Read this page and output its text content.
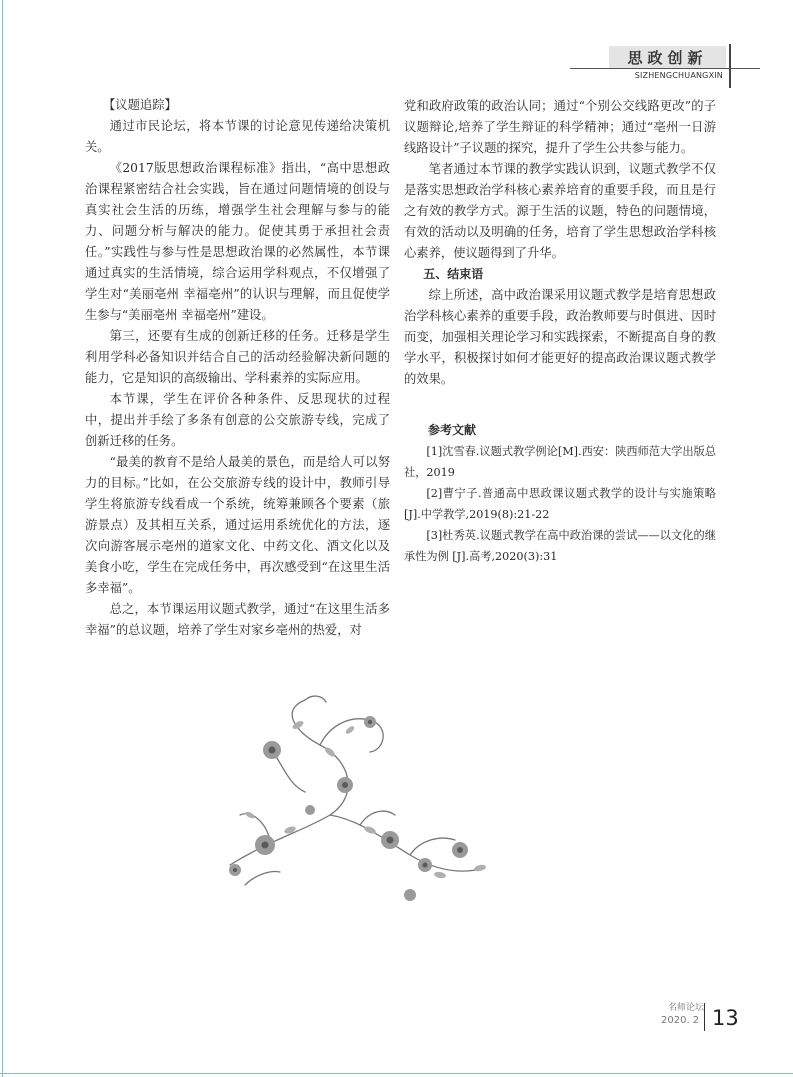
思政创新
SIZHENGCHUANGXIN

【议题追踪】

通过市民论坛，将本节课的讨论意见传递给决策机关。

《2017版思想政治课程标准》指出，“高中思想政治课程紧密结合社会实践，旨在通过问题情境的创设与真实社会生活的历练，增强学生社会理解与参与的能力、问题分析与解决的能力。促使其勇于承担社会责任。”实践性与参与性是思想政治课的必然属性，本节课通过真实的生活情境，综合运用学科观点，不仅增强了学生对“美丽亳州 幸福亳州”的认识与理解，而且促使学生参与“美丽亳州 幸福亳州”建设。

第三，还要有生成的创新迁移的任务。迁移是学生利用学科必备知识并结合自己的活动经验解决新问题的能力，它是知识的高级输出、学科素养的实际应用。

本节课，学生在评价各种条件、反思现状的过程中，提出并手绘了多条有创意的公交旅游专线，完成了创新迁移的任务。

“最美的教育不是给人最美的景色，而是给人可以努力的目标。”比如，在公交旅游专线的设计中，教师引导学生将旅游专线看成一个系统，统筹兼顾各个要素（旅游景点）及其相互关系，通过运用系统优化的方法，逐次向游客展示亳州的道家文化、中药文化、酒文化以及美食小吃，学生在完成任务中，再次感受到“在这里生活多幸福”。

总之，本节课运用议题式教学，通过“在这里生活多幸福”的总议题，培养了学生对家乡亳州的热爱，对

党和政府政策的政治认同；通过“个别公交线路更改”的子议题辩论,培养了学生辩证的科学精神；通过“亳州一日游线路设计”子议题的探究，提升了学生公共参与能力。

笔者通过本节课的教学实践认识到，议题式教学不仅是落实思想政治学科核心素养培育的重要手段，而且是行之有效的教学方式。源于生活的议题，特色的问题情境，有效的活动以及明确的任务，培育了学生思想政治学科核心素养，使议题得到了升华。

五、结束语

综上所述，高中政治课采用议题式教学是培育思想政治学科核心素养的重要手段，政治教师要与时俱进、因时而变，加强相关理论学习和实践探索，不断提高自身的教学水平，积极探讨如何才能更好的提高政治课议题式教学的效果。

参考文献

[1]沈雪春.议题式教学例论[M].西安：陕西师范大学出版总社，2019

[2]曹宁子.普通高中思政课议题式教学的设计与实施策略 [J].中学教学,2019(8):21-22

[3]杜秀英.议题式教学在高中政治课的尝试——以文化的继承性为例 [J].高考,2020(3):31

名师论坛
2020. 2 13
